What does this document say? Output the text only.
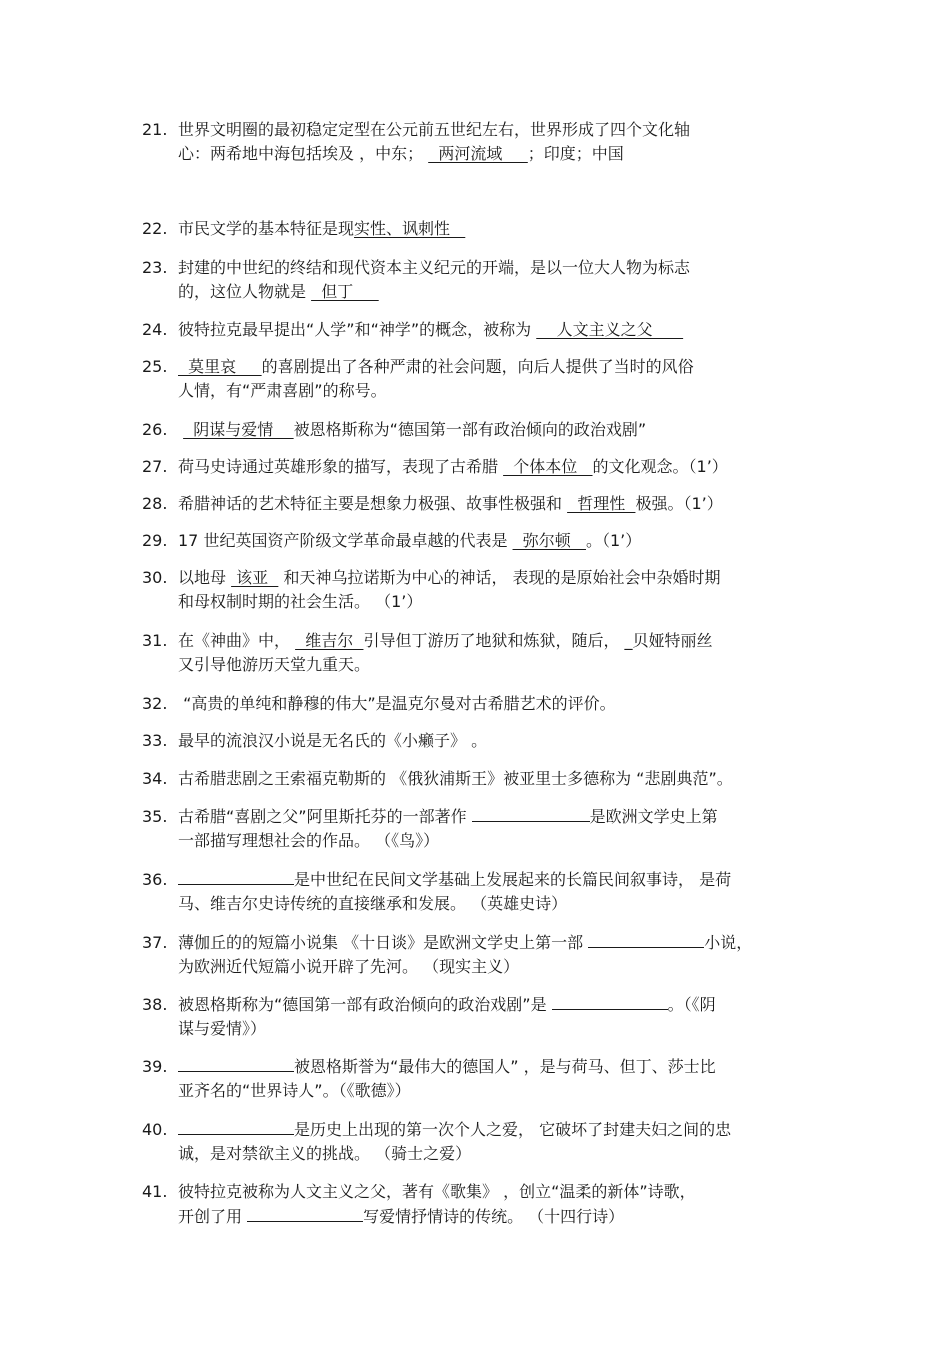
21. 世界文明圈的最初稳定定型在公元前五世纪左右，世界形成了四个文化轴
心：两希地中海包括埃及 ，中东；   两河流域     ；印度；中国
22. 市民文学的基本特征是现实性、讽刺性
23. 封建的中世纪的终结和现代资本主义纪元的开端，是以一位大人物为标志
的，这位人物就是   但丁
24. 彼特拉克最早提出“人学”和“神学”的概念，被称为     人文主义之父
25.  莫里哀     的喜剧提出了各种严肃的社会问题，向后人提供了当时的风俗
人情，有“严肃喜剧”的称号。
26.   阴谋与爱情    被恩格斯称为“德国第一部有政治倾向的政治戏剧”
27. 荷马史诗通过英雄形象的描写，表现了古希腊   个体本位   的文化观念。（1’）
28. 希腊神话的艺术特征主要是想象力极强、故事性极强和   哲理性  极强。（1’）
29. 17 世纪英国资产阶级文学革命最卓越的代表是   弥尔顿   。（1’）
30. 以地母  该亚   和天神乌拉诺斯为中心的神话， 表现的是原始社会中杂婚时期
和母权制时期的社会生活。 （1’）
31. 在《神曲》中，   维吉尔  引导但丁游历了地狱和炼狱，随后， _贝娅特丽丝
又引导他游历天堂九重天。
32. “高贵的单纯和静穆的伟大”是温克尔曼对古希腊艺术的评价。
33. 最早的流浪汉小说是无名氏的《小癞子》 。
34. 古希腊悲剧之王索福克勒斯的 《俄狄浦斯王》被亚里士多德称为 “悲剧典范”。
35. 古希腊“喜剧之父”阿里斯托芬的一部著作	是欧洲文学史上第
一部描写理想社会的作品。 （《鸟》）
36.	是中世纪在民间文学基础上发展起来的长篇民间叙事诗， 是荷
马、维吉尔史诗传统的直接继承和发展。 （英雄史诗）
37. 薄伽丘的的短篇小说集 《十日谈》是欧洲文学史上第一部	小说，
为欧洲近代短篇小说开辟了先河。 （现实主义）
38. 被恩格斯称为“德国第一部有政治倾向的政治戏剧”是	。（《阴
谋与爱情》）
39.	被恩格斯誉为“最伟大的德国人” ，是与荷马、但丁、莎士比
亚齐名的“世界诗人”。（《歌德》）
40.	是历史上出现的第一次个人之爱， 它破坏了封建夫妇之间的忠
诚，是对禁欲主义的挑战。 （骑士之爱）
41. 彼特拉克被称为人文主义之父，著有《歌集》 ，创立“温柔的新体”诗歌，
开创了用	写爱情抒情诗的传统。 （十四行诗）
